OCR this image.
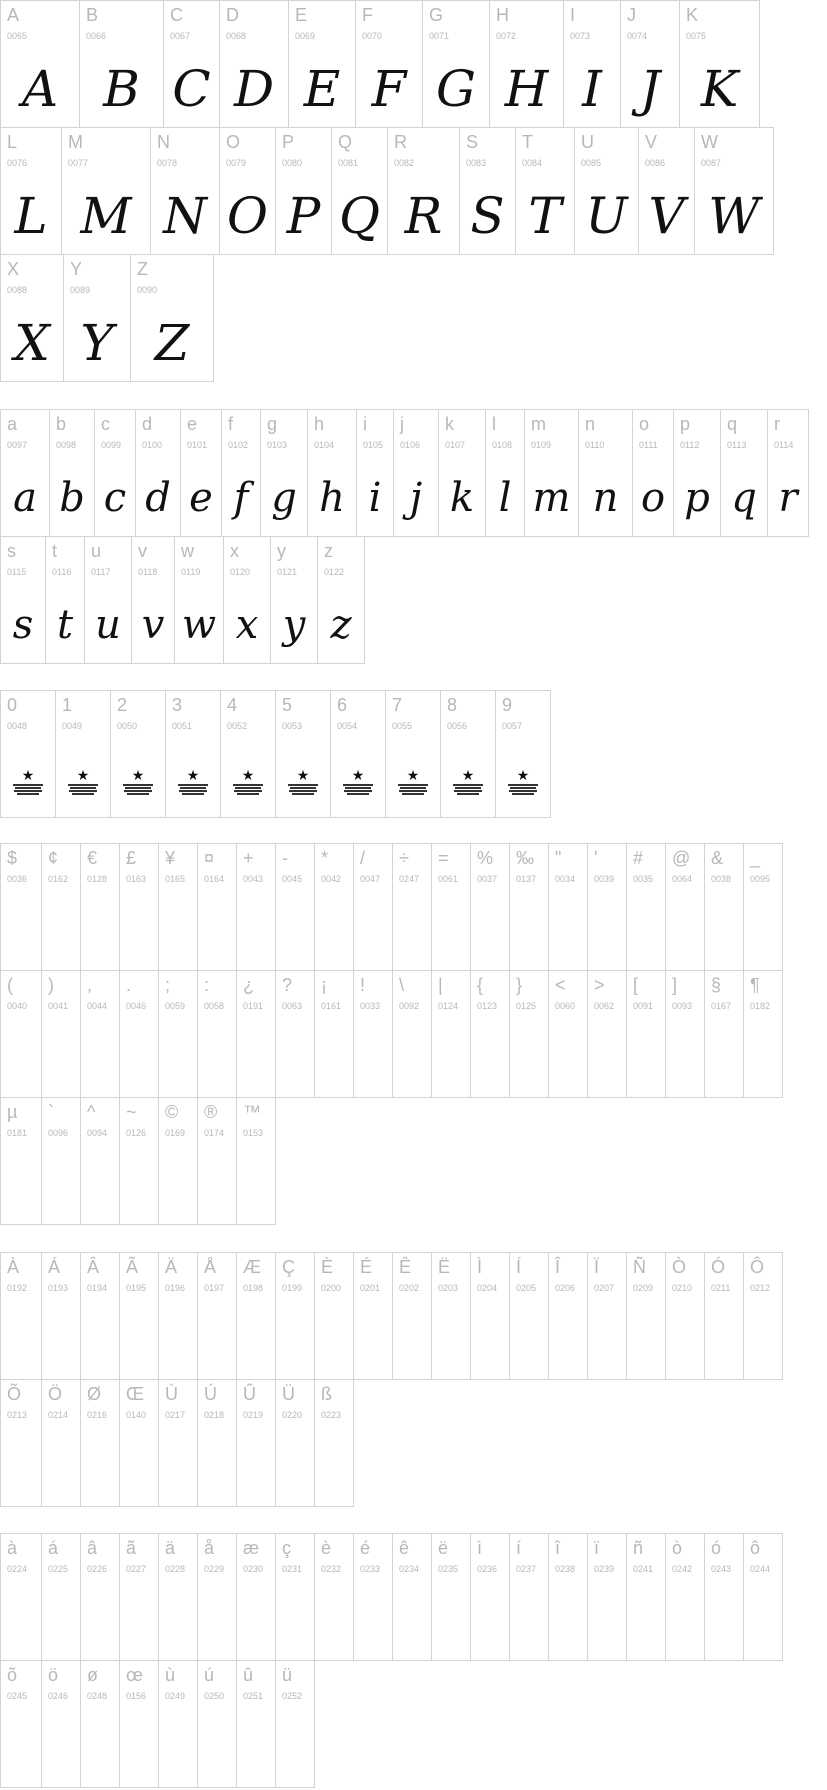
A
0065
A
B
0066
B
C
0067
C
D
0068
D
E
0069
E
F
0070
F
G
0071
G
H
0072
H
I
0073
I
J
0074
J
K
0075
K
L
0076
L
M
0077
M
N
0078
N
O
0079
O
P
0080
P
Q
0081
Q
R
0082
R
S
0083
S
T
0084
T
U
0085
U
V
0086
V
W
0087
W
X
0088
X
Y
0089
Y
Z
0090
Z
a
0097
a
b
0098
b
c
0099
c
d
0100
d
e
0101
e
f
0102
f
g
0103
g
h
0104
h
i
0105
i
j
0106
j
k
0107
k
l
0108
l
m
0109
m
n
0110
n
o
0111
o
p
0112
p
q
0113
q
r
0114
r
s
0115
s
t
0116
t
u
0117
u
v
0118
v
w
0119
w
x
0120
x
y
0121
y
z
0122
z
0
0048
★
1
0049
★
2
0050
★
3
0051
★
4
0052
★
5
0053
★
6
0054
★
7
0055
★
8
0056
★
9
0057
★
$
0036
¢
0162
€
0128
£
0163
¥
0165
¤
0164
+
0043
-
0045
*
0042
/
0047
÷
0247
=
0061
%
0037
‰
0137
"
0034
'
0039
#
0035
@
0064
&
0038
_
0095
(
0040
)
0041
,
0044
.
0046
;
0059
:
0058
¿
0191
?
0063
¡
0161
!
0033
\
0092
|
0124
{
0123
}
0125
<
0060
>
0062
[
0091
]
0093
§
0167
¶
0182
µ
0181
`
0096
^
0094
~
0126
©
0169
®
0174
™
0153
À
0192
Á
0193
Â
0194
Ã
0195
Ä
0196
Å
0197
Æ
0198
Ç
0199
È
0200
É
0201
Ê
0202
Ë
0203
Ì
0204
Í
0205
Î
0206
Ï
0207
Ñ
0209
Ò
0210
Ó
0211
Ô
0212
Õ
0213
Ö
0214
Ø
0216
Œ
0140
Ù
0217
Ú
0218
Û
0219
Ü
0220
ß
0223
à
0224
á
0225
â
0226
ã
0227
ä
0228
å
0229
æ
0230
ç
0231
è
0232
é
0233
ê
0234
ë
0235
ì
0236
í
0237
î
0238
ï
0239
ñ
0241
ò
0242
ó
0243
ô
0244
õ
0245
ö
0246
ø
0248
œ
0156
ù
0249
ú
0250
û
0251
ü
0252
